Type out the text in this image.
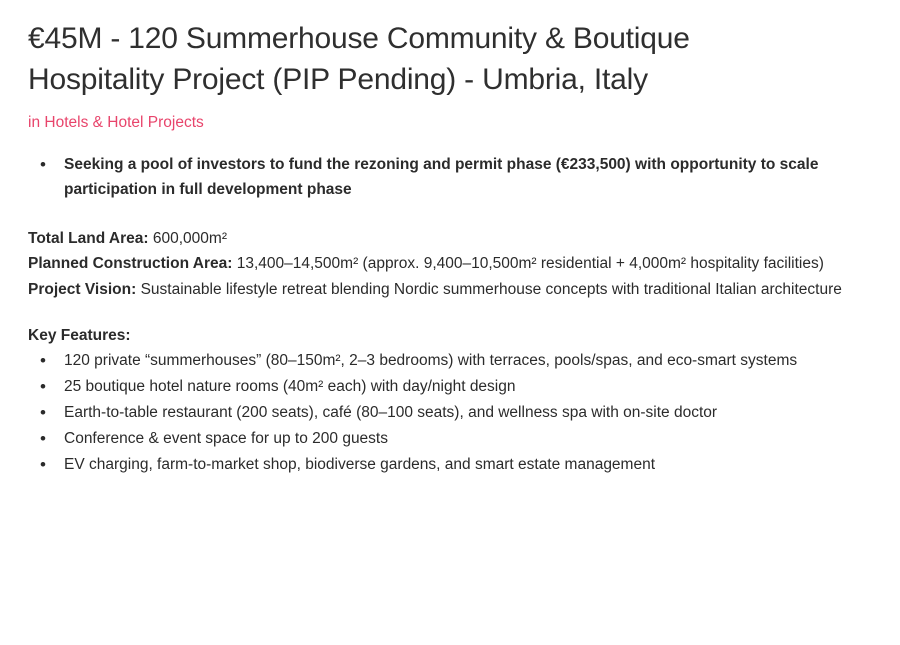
€45M - 120 Summerhouse Community & Boutique Hospitality Project (PIP Pending) - Umbria, Italy
in Hotels & Hotel Projects
• Seeking a pool of investors to fund the rezoning and permit phase (€233,500) with opportunity to scale participation in full development phase

Total Land Area: 600,000m²

Planned Construction Area: 13,400–14,500m² (approx. 9,400–10,500m² residential + 4,000m² hospitality facilities)

Project Vision: Sustainable lifestyle retreat blending Nordic summerhouse concepts with traditional Italian architecture

Key Features:
• 120 private “summerhouses” (80–150m², 2–3 bedrooms) with terraces, pools/spas, and eco-smart systems
• 25 boutique hotel nature rooms (40m² each) with day/night design
• Earth-to-table restaurant (200 seats), café (80–100 seats), and wellness spa with on-site doctor
• Conference & event space for up to 200 guests
• EV charging, farm-to-market shop, biodiverse gardens, and smart estate management
